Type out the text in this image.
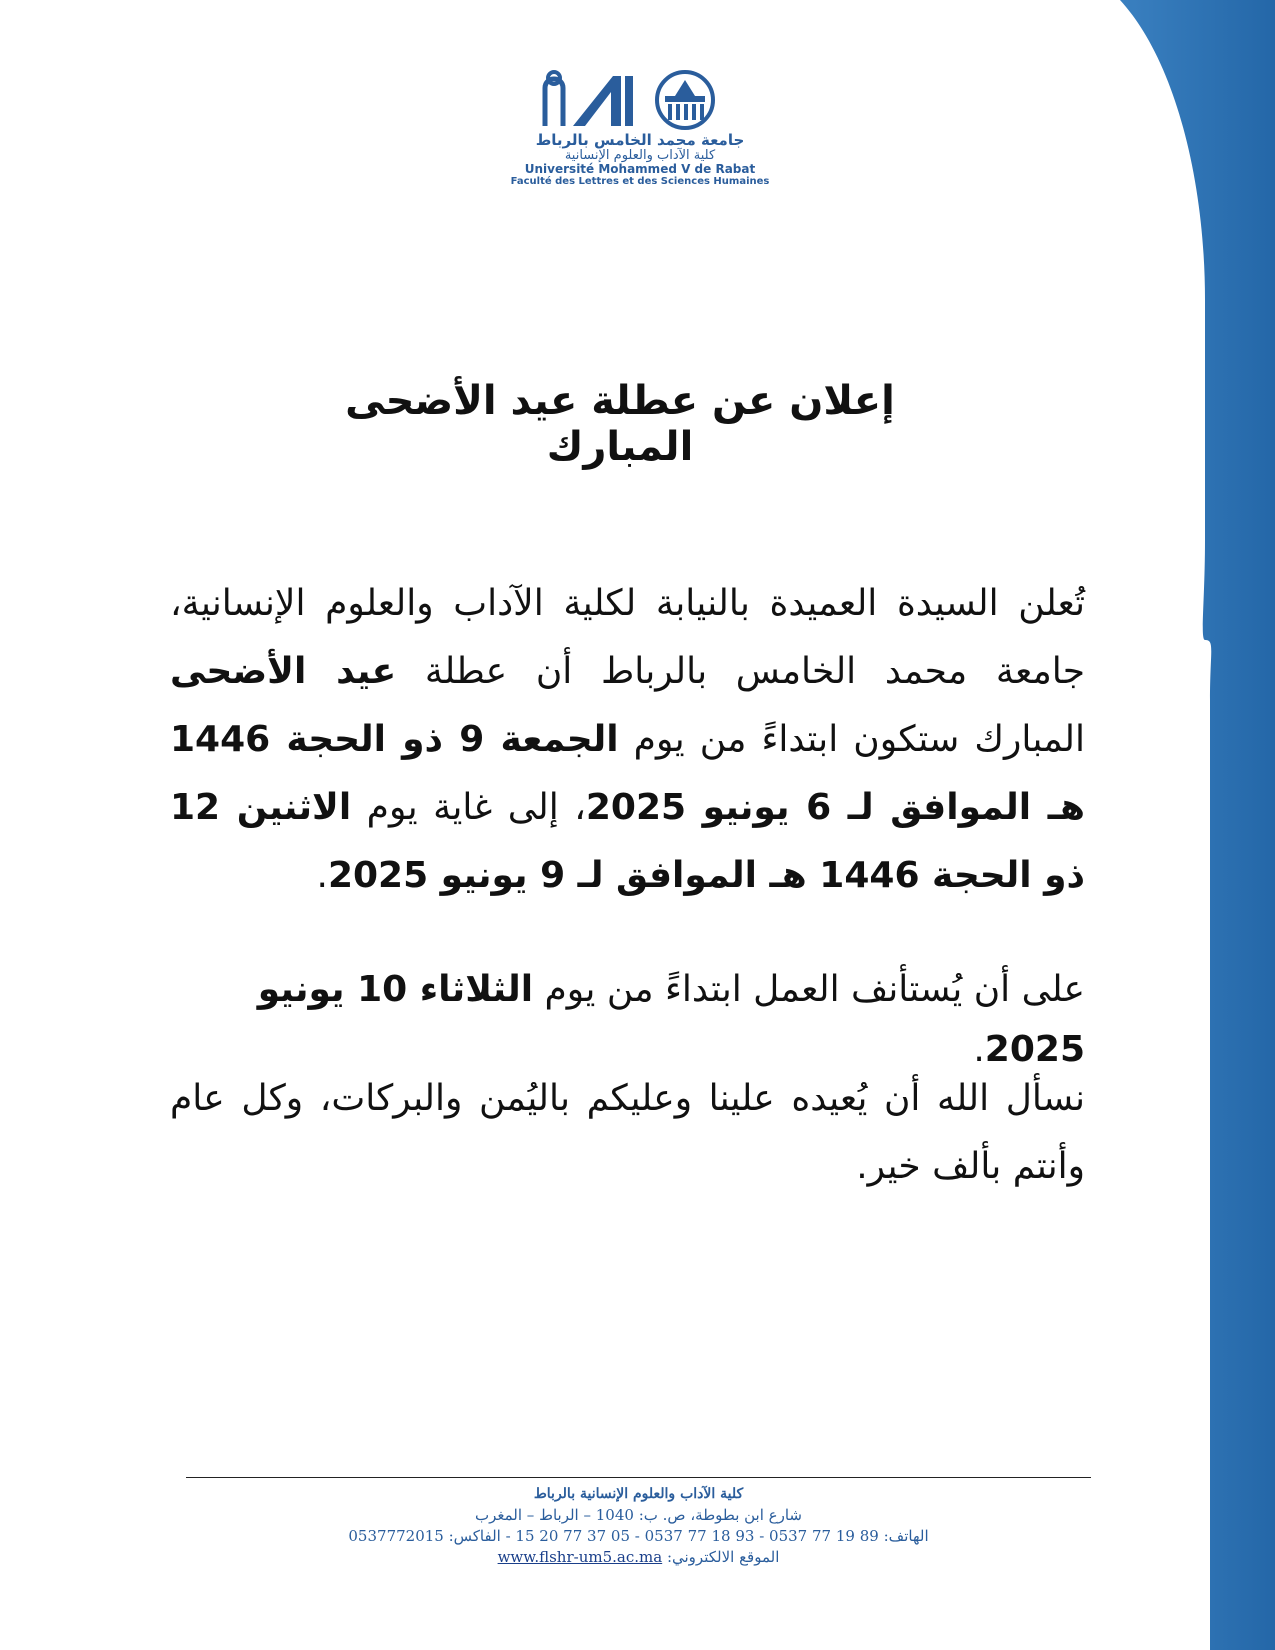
جامعة محمد الخامس بالرباط
كلية الآداب والعلوم الإنسانية
Université Mohammed V de Rabat
Faculté des Lettres et des Sciences Humaines
إعلان عن عطلة عيد الأضحى المبارك
تُعلن السيدة العميدة بالنيابة لكلية الآداب والعلوم الإنسانية، جامعة محمد الخامس بالرباط أن عطلة عيد الأضحى المبارك ستكون ابتداءً من يوم الجمعة 9 ذو الحجة 1446 هـ الموافق لـ 6 يونيو 2025، إلى غاية يوم الاثنين 12 ذو الحجة 1446 هـ الموافق لـ 9 يونيو 2025.
على أن يُستأنف العمل ابتداءً من يوم الثلاثاء 10 يونيو 2025.
نسأل الله أن يُعيده علينا وعليكم باليُمن والبركات، وكل عام وأنتم بألف خير.
كلية الآداب والعلوم الإنسانية بالرباط
شارع ابن بطوطة، ص. ب: 1040 – الرباط – المغرب
الهاتف: 89 19 77 0537 - 93 18 77 0537 - 05 37 77 20 15 - الفاكس: 0537772015
الموقع الالكتروني: www.flshr-um5.ac.ma
